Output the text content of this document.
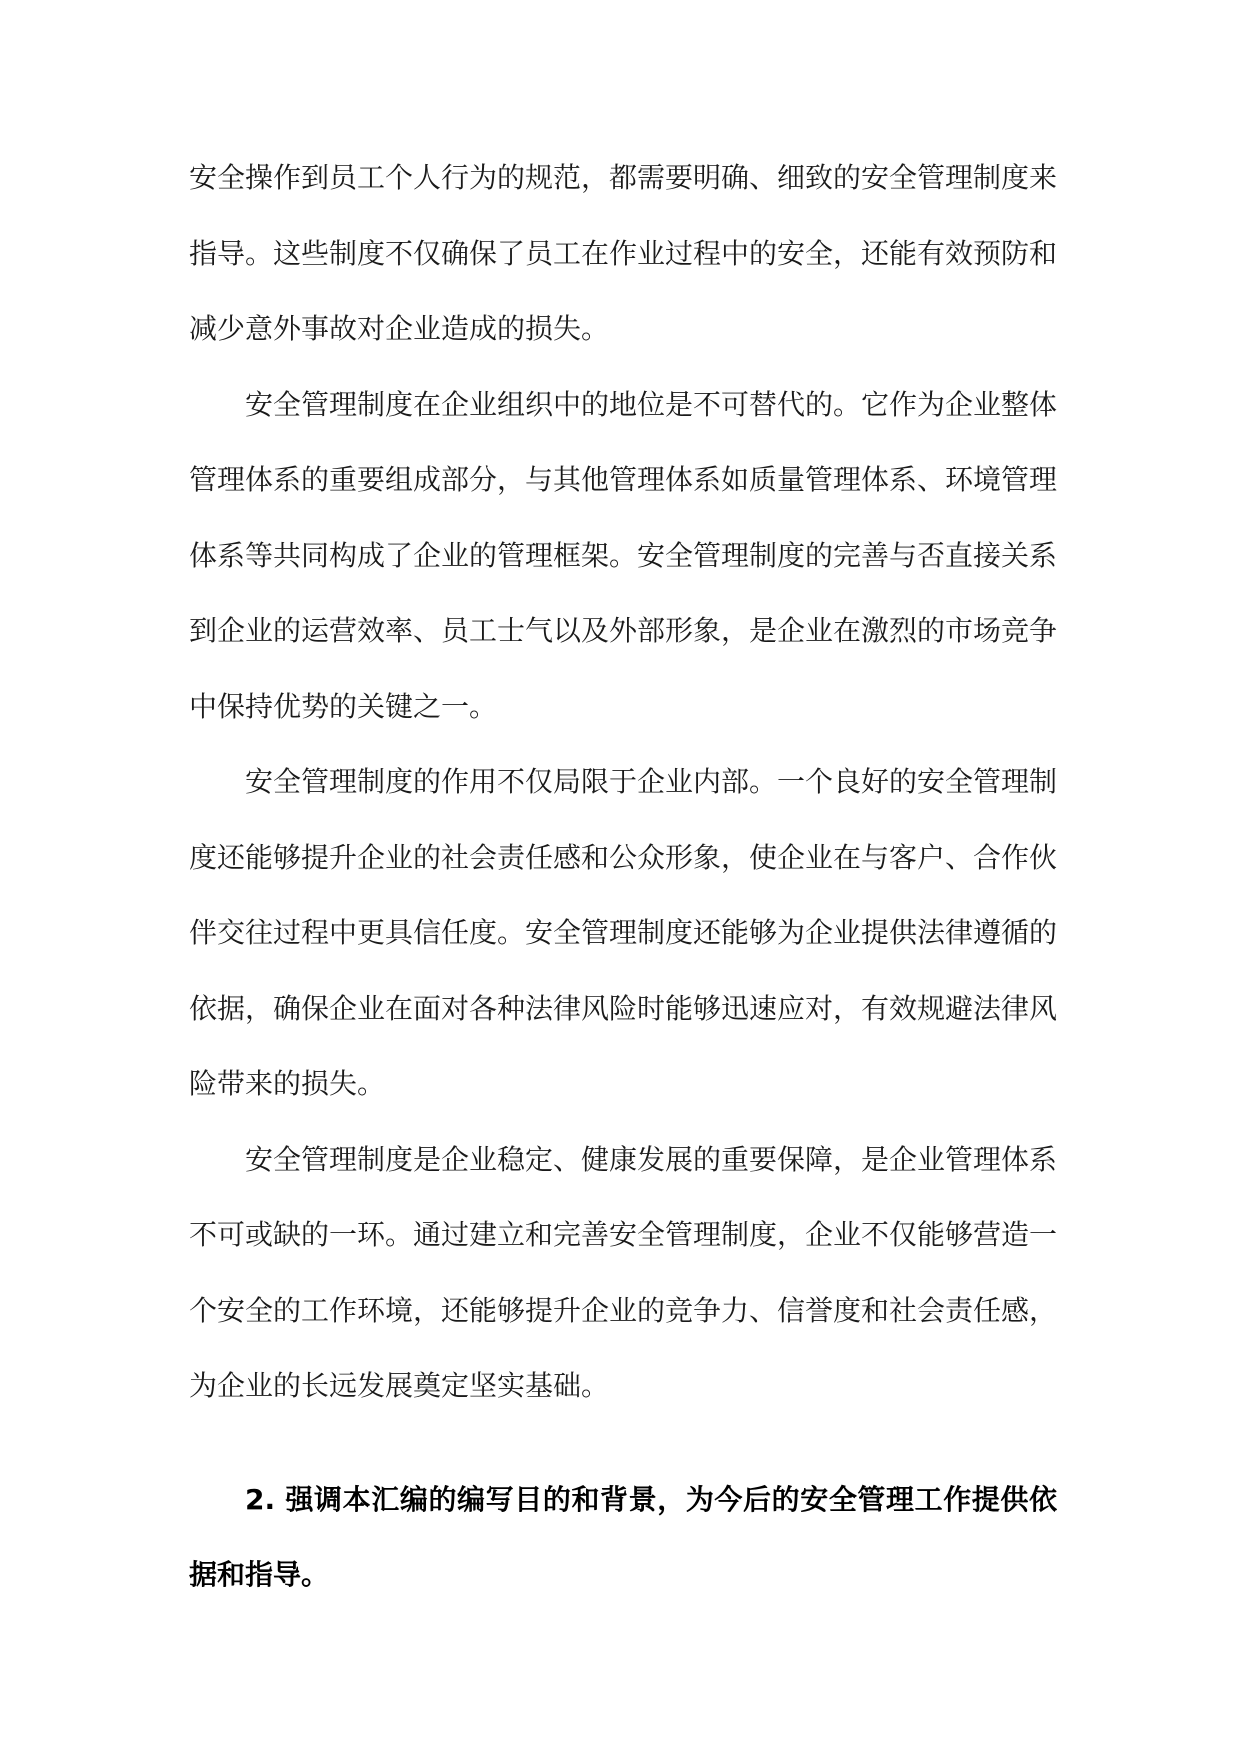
安全操作到员工个人行为的规范，都需要明确、细致的安全管理制度来指导。这些制度不仅确保了员工在作业过程中的安全，还能有效预防和减少意外事故对企业造成的损失。

安全管理制度在企业组织中的地位是不可替代的。它作为企业整体管理体系的重要组成部分，与其他管理体系如质量管理体系、环境管理体系等共同构成了企业的管理框架。安全管理制度的完善与否直接关系到企业的运营效率、员工士气以及外部形象，是企业在激烈的市场竞争中保持优势的关键之一。

安全管理制度的作用不仅局限于企业内部。一个良好的安全管理制度还能够提升企业的社会责任感和公众形象，使企业在与客户、合作伙伴交往过程中更具信任度。安全管理制度还能够为企业提供法律遵循的依据，确保企业在面对各种法律风险时能够迅速应对，有效规避法律风险带来的损失。

安全管理制度是企业稳定、健康发展的重要保障，是企业管理体系不可或缺的一环。通过建立和完善安全管理制度，企业不仅能够营造一个安全的工作环境，还能够提升企业的竞争力、信誉度和社会责任感，为企业的长远发展奠定坚实基础。

2. 强调本汇编的编写目的和背景，为今后的安全管理工作提供依据和指导。
